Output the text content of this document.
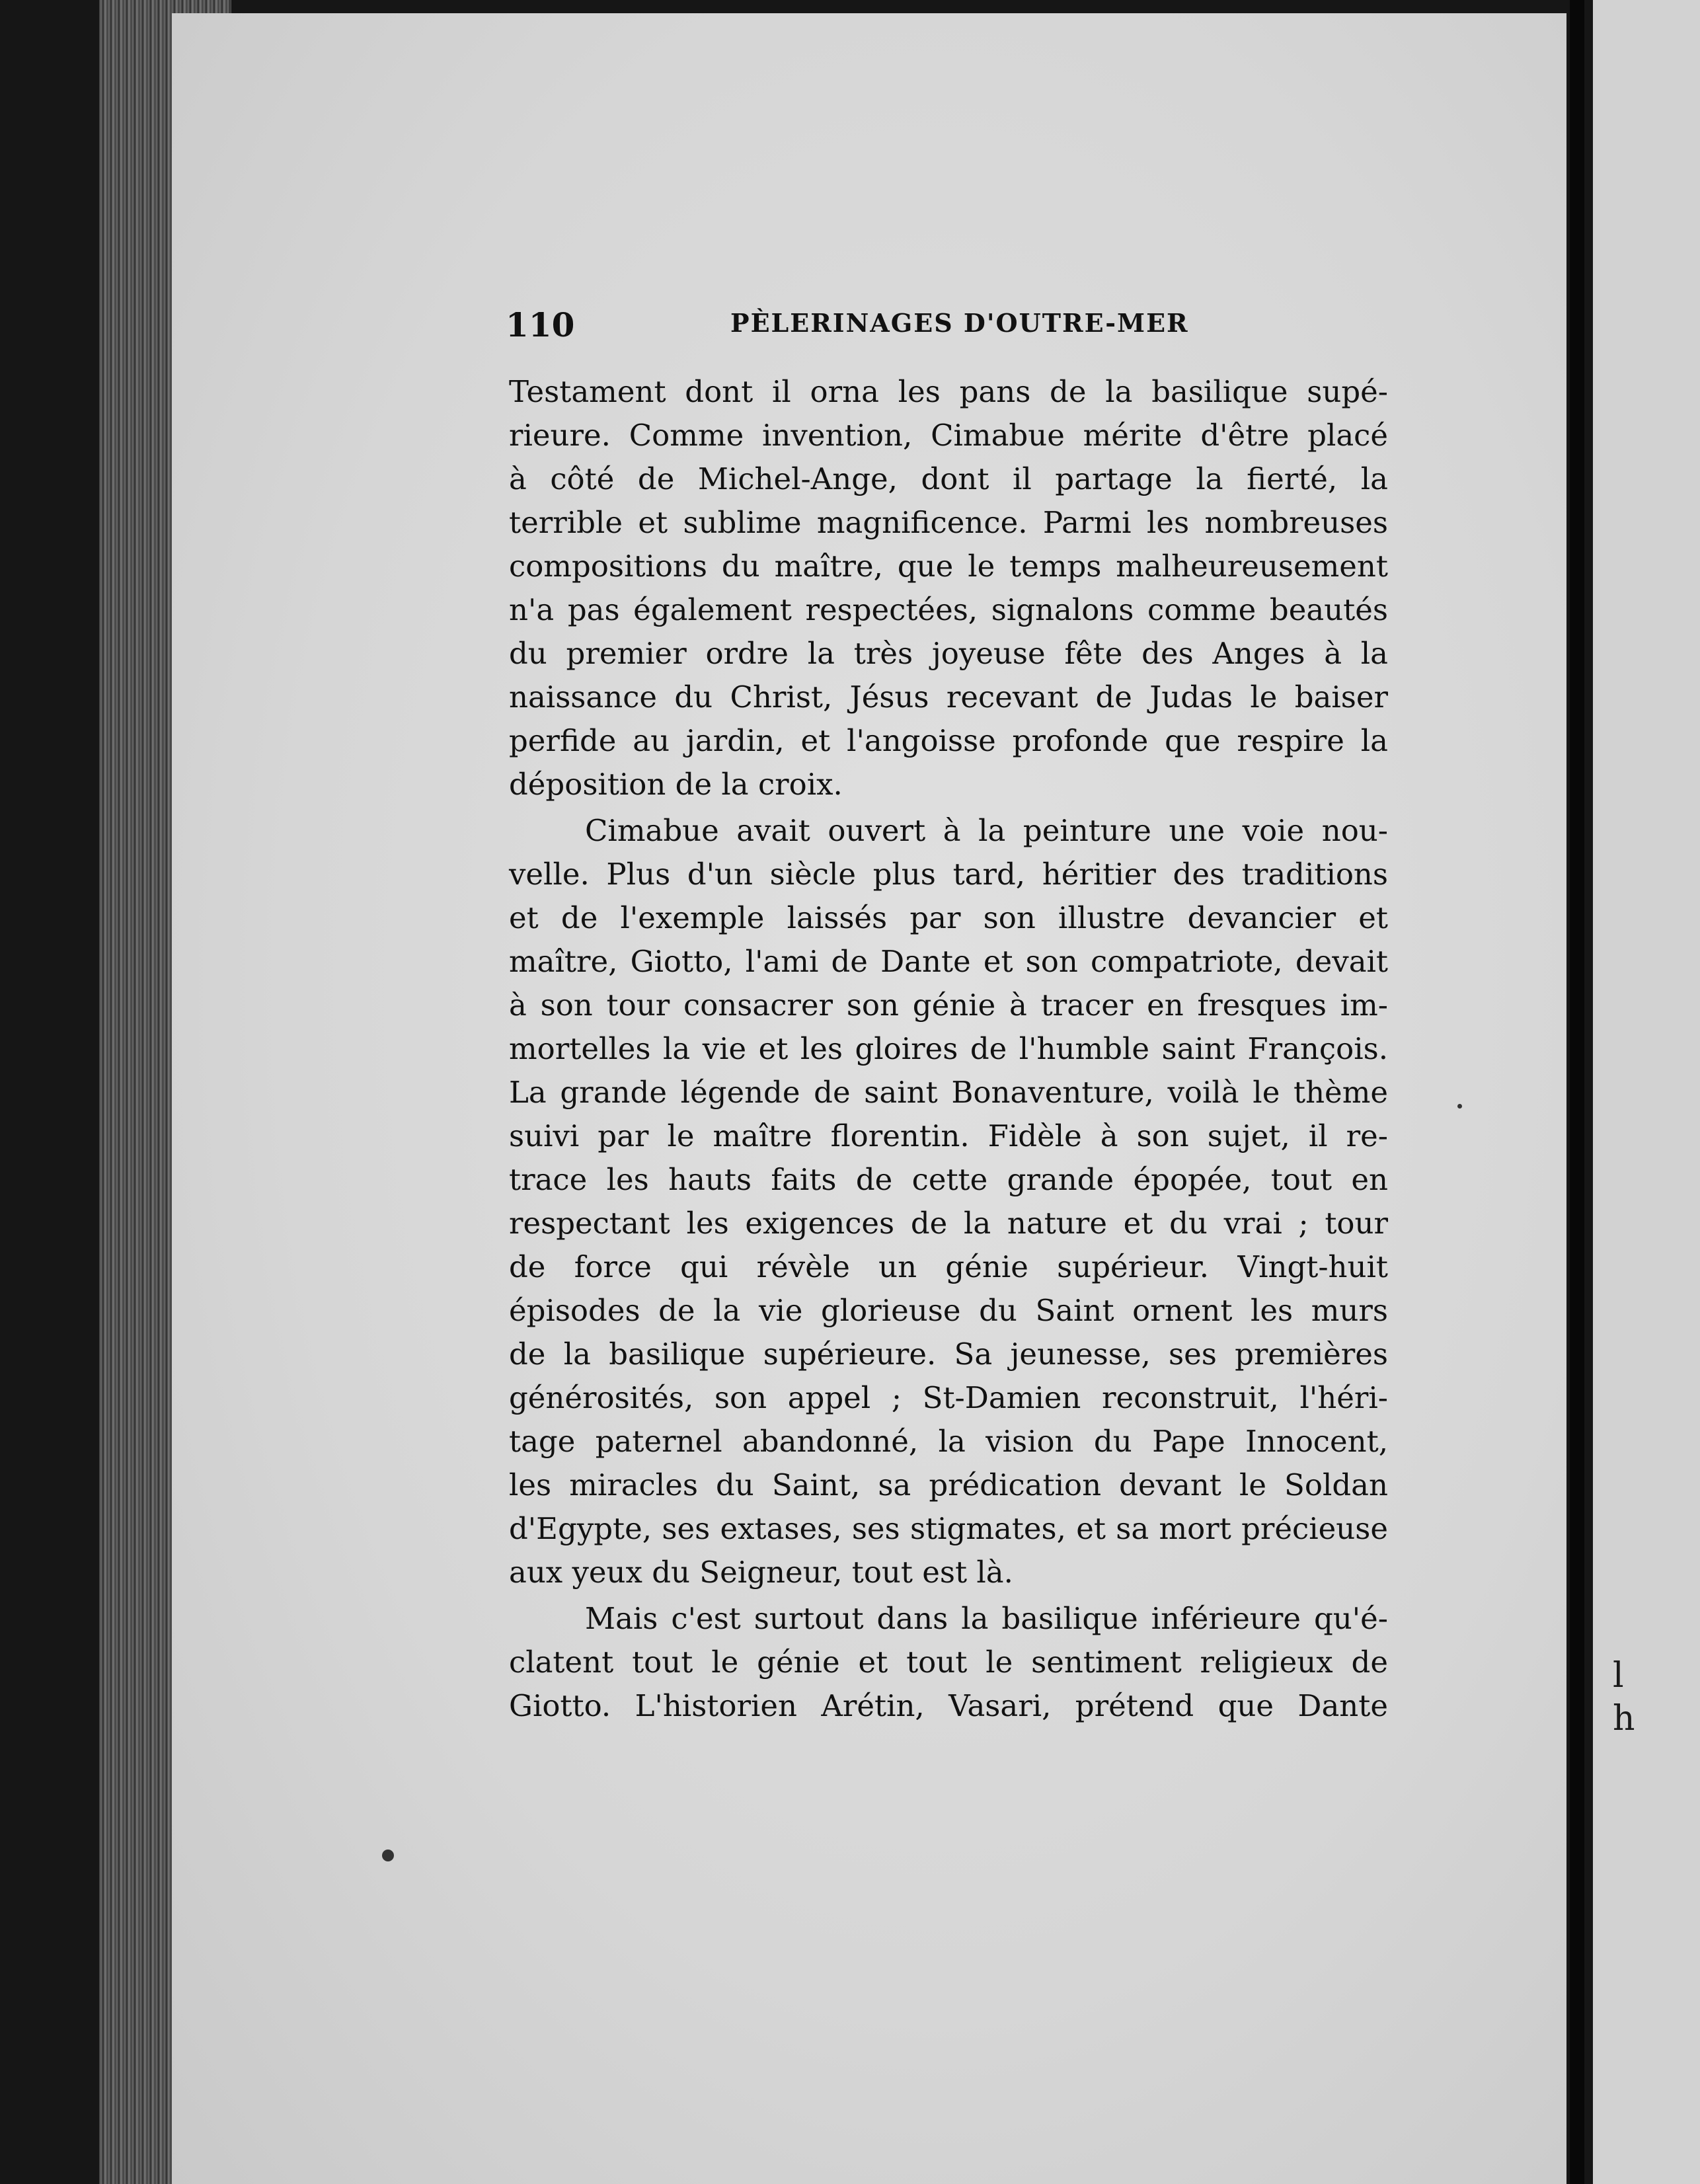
l
h
110	PÈLERINAGES D'OUTRE-MER
Testament dont il orna les pans de la basilique supé-
rieure. Comme invention, Cimabue mérite d'être placé
à côté de Michel-Ange, dont il partage la fierté, la
terrible et sublime magnificence. Parmi les nombreuses
compositions du maître, que le temps malheureusement
n'a pas également respectées, signalons comme beautés
du premier ordre la très joyeuse fête des Anges à la
naissance du Christ, Jésus recevant de Judas le baiser
perfide au jardin, et l'angoisse profonde que respire la
déposition de la croix.
Cimabue avait ouvert à la peinture une voie nou-
velle. Plus d'un siècle plus tard, héritier des traditions
et de l'exemple laissés par son illustre devancier et
maître, Giotto, l'ami de Dante et son compatriote, devait
à son tour consacrer son génie à tracer en fresques im-
mortelles la vie et les gloires de l'humble saint François.
La grande légende de saint Bonaventure, voilà le thème
suivi par le maître florentin. Fidèle à son sujet, il re-
trace les hauts faits de cette grande épopée, tout en
respectant les exigences de la nature et du vrai ; tour
de force qui révèle un génie supérieur. Vingt-huit
épisodes de la vie glorieuse du Saint ornent les murs
de la basilique supérieure. Sa jeunesse, ses premières
générosités, son appel ; St-Damien reconstruit, l'héri-
tage paternel abandonné, la vision du Pape Innocent,
les miracles du Saint, sa prédication devant le Soldan
d'Egypte, ses extases, ses stigmates, et sa mort précieuse
aux yeux du Seigneur, tout est là.
Mais c'est surtout dans la basilique inférieure qu'é-
clatent tout le génie et tout le sentiment religieux de
Giotto. L'historien Arétin, Vasari, prétend que Dante
